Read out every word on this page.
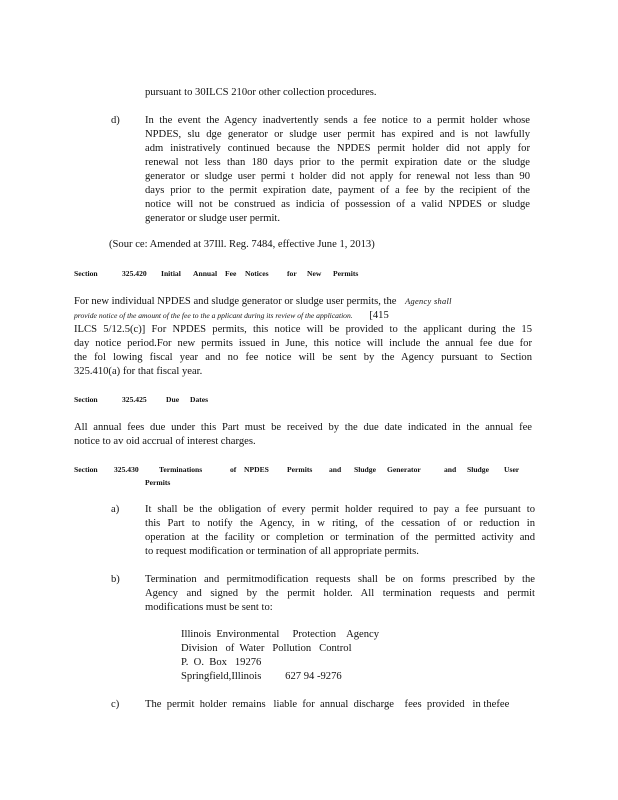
pursuant to 30ILCS 210or other collection procedures.

d) In the event the Agency inadvertently sends a fee notice to a permit holder whose
NPDES, slu dge generator or sludge user permit has expired and is not lawfully
adm inistratively continued because the NPDES permit holder did not apply for
renewal not less than 180 days prior to the permit expiration date or the sludge
generator or sludge user permi t holder did not apply for renewal not less than 90
days prior to the permit expiration date, payment of a fee by the recipient of the
notice will not be construed as indicia of possession of a valid NPDES or sludge
generator or sludge user permit.

(Sour ce: Amended at 37Ill. Reg. 7484, effective June 1, 2013)

Section	325.420	Initial	Annual	Fee	Notices	for	New	Permits
For new individual NPDES and sludge generator or sludge user permits, the Agency shall
provide notice of the amount of the fee to the a pplicant during its review of the application. [415
ILCS 5/12.5(c)] For NPDES permits, this notice will be provided to the applicant during the 15
day notice period.For new permits issued in June, this notice will include the annual fee due for
the fol lowing fiscal year and no fee notice will be sent by the Agency pursuant to Section
325.410(a) for that fiscal year.
Section	325.425	Due	Dates
All annual fees due under this Part must be received by the due date indicated in the annual fee
notice to av oid accrual of interest charges.
Section	325.430	Terminations	of	NPDES	Permits	and	Sludge	Generator	and	Sludge	User
Permits
a) It shall be the obligation of every permit holder required to pay a fee pursuant to
this Part to notify the Agency, in w riting, of the cessation of or reduction in
operation at the facility or completion or termination of the permitted activity and
to request modification or termination of all appropriate permits.
b) Termination and permitmodification requests shall be on forms prescribed by the
Agency and signed by the permit holder. All termination requests and permit
modifications must be sent to:
Illinois  Environmental     Protection    Agency
Division   of  Water   Pollution   Control
P.  O.  Box   19276
Springfield,Illinois         627 94 -9276
c) The  permit  holder  remains   liable  for  annual  discharge    fees  provided   in thefee
